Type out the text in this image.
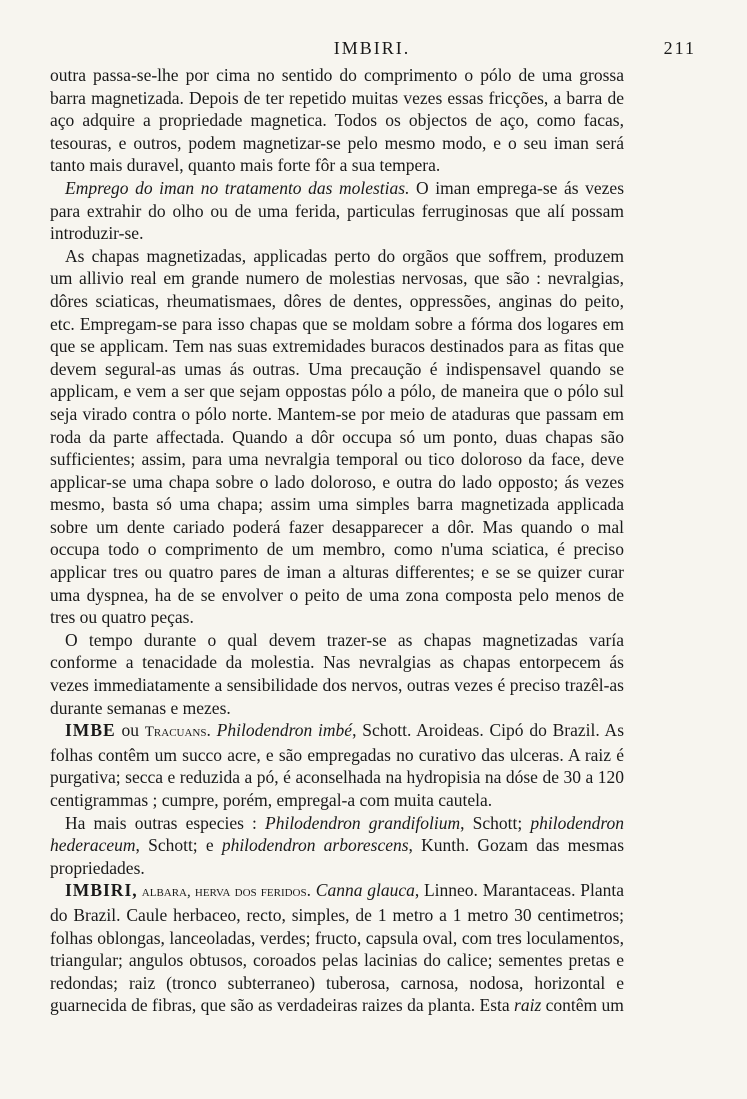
IMBIRI.	211

outra passa-se-lhe por cima no sentido do comprimento o pólo de uma grossa barra magnetizada. Depois de ter repetido muitas vezes essas fricções, a barra de aço adquire a propriedade magnetica. Todos os objectos de aço, como facas, tesouras, e outros, podem magnetizar-se pelo mesmo modo, e o seu iman será tanto mais duravel, quanto mais forte fôr a sua tempera.

Emprego do iman no tratamento das molestias. O iman emprega-se ás vezes para extrahir do olho ou de uma ferida, particulas ferruginosas que alí possam introduzir-se.

As chapas magnetizadas, applicadas perto do orgãos que soffrem, produzem um allivio real em grande numero de molestias nervosas, que são : nevralgias, dôres sciaticas, rheumatismaes, dôres de dentes, oppressões, anginas do peito, etc. Empregam-se para isso chapas que se moldam sobre a fórma dos logares em que se applicam. Tem nas suas extremidades buracos destinados para as fitas que devem segural-as umas ás outras. Uma precaução é indispensavel quando se applicam, e vem a ser que sejam oppostas pólo a pólo, de maneira que o pólo sul seja virado contra o pólo norte. Mantem-se por meio de ataduras que passam em roda da parte affectada. Quando a dôr occupa só um ponto, duas chapas são sufficientes; assim, para uma nevralgia temporal ou tico doloroso da face, deve applicar-se uma chapa sobre o lado doloroso, e outra do lado opposto; ás vezes mesmo, basta só uma chapa; assim uma simples barra magnetizada applicada sobre um dente cariado poderá fazer desapparecer a dôr. Mas quando o mal occupa todo o comprimento de um membro, como n'uma sciatica, é preciso applicar tres ou quatro pares de iman a alturas differentes; e se se quizer curar uma dyspnea, ha de se envolver o peito de uma zona composta pelo menos de tres ou quatro peças.

O tempo durante o qual devem trazer-se as chapas magnetizadas varía conforme a tenacidade da molestia. Nas nevralgias as chapas entorpecem ás vezes immediatamente a sensibilidade dos nervos, outras vezes é preciso trazêl-as durante semanas e mezes.

IMBE ou Tracuans. Philodendron imbé, Schott. Aroideas. Cipó do Brazil. As folhas contêm um succo acre, e são empregadas no curativo das ulceras. A raiz é purgativa; secca e reduzida a pó, é aconselhada na hydropisia na dóse de 30 a 120 centigrammas ; cumpre, porém, empregal-a com muita cautela.

Ha mais outras especies : Philodendron grandifolium, Schott; philodendron hederaceum, Schott; e philodendron arborescens, Kunth. Gozam das mesmas propriedades.

IMBIRI, albara, herva dos feridos. Canna glauca, Linneo. Marantaceas. Planta do Brazil. Caule herbaceo, recto, simples, de 1 metro a 1 metro 30 centimetros; folhas oblongas, lanceoladas, verdes; fructo, capsula oval, com tres loculamentos, triangular; angulos obtusos, coroados pelas lacinias do calice; sementes pretas e redondas; raiz (tronco subterraneo) tuberosa, carnosa, nodosa, horizontal e guarnecida de fibras, que são as verdadeiras raizes da planta. Esta raiz contêm um
